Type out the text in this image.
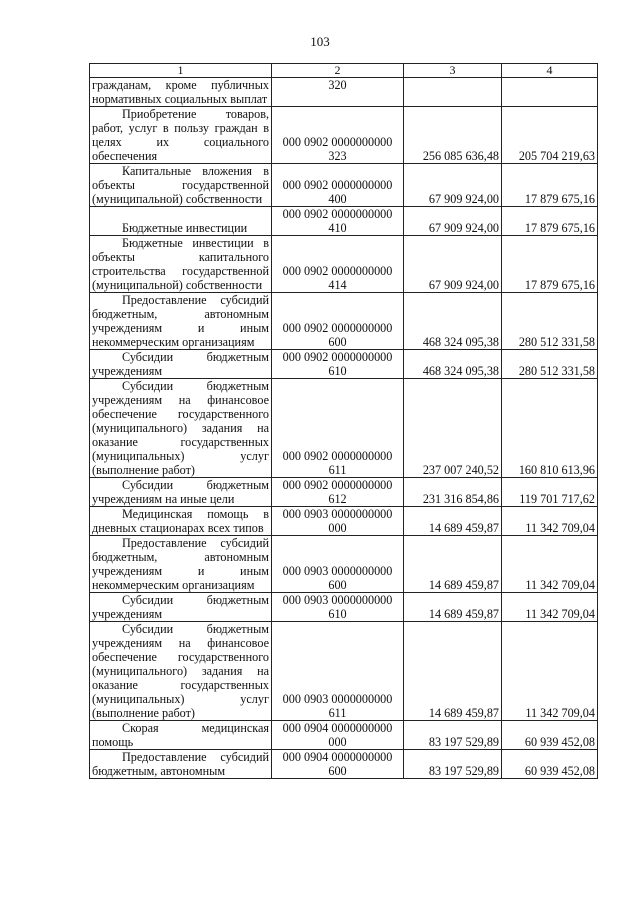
103
1	2	3	4

гражданам, кроме публичных нормативных социальных выплат	320		

Приобретение товаров, работ, услуг в пользу граждан в целях их социального обеспечения	000 0902 0000000000 323	256 085 636,48	205 704 219,63

Капитальные вложения в объекты государственной (муниципальной) собственности	000 0902 0000000000 400	67 909 924,00	17 879 675,16

Бюджетные инвестиции	000 0902 0000000000 410	67 909 924,00	17 879 675,16

Бюджетные инвестиции в объекты капитального строительства государственной (муниципальной) собственности	000 0902 0000000000 414	67 909 924,00	17 879 675,16

Предоставление субсидий бюджетным, автономным учреждениям и иным некоммерческим организациям	000 0902 0000000000 600	468 324 095,38	280 512 331,58

Субсидии бюджетным учреждениям	000 0902 0000000000 610	468 324 095,38	280 512 331,58

Субсидии бюджетным учреждениям на финансовое обеспечение государственного (муниципального) задания на оказание государственных (муниципальных) услуг (выполнение работ)	000 0902 0000000000 611	237 007 240,52	160 810 613,96

Субсидии бюджетным учреждениям на иные цели	000 0902 0000000000 612	231 316 854,86	119 701 717,62

Медицинская помощь в дневных стационарах всех типов	000 0903 0000000000 000	14 689 459,87	11 342 709,04

Предоставление субсидий бюджетным, автономным учреждениям и иным некоммерческим организациям	000 0903 0000000000 600	14 689 459,87	11 342 709,04

Субсидии бюджетным учреждениям	000 0903 0000000000 610	14 689 459,87	11 342 709,04

Субсидии бюджетным учреждениям на финансовое обеспечение государственного (муниципального) задания на оказание государственных (муниципальных) услуг (выполнение работ)	000 0903 0000000000 611	14 689 459,87	11 342 709,04

Скорая медицинская помощь	000 0904 0000000000 000	83 197 529,89	60 939 452,08

Предоставление субсидий бюджетным, автономным	000 0904 0000000000 600	83 197 529,89	60 939 452,08
